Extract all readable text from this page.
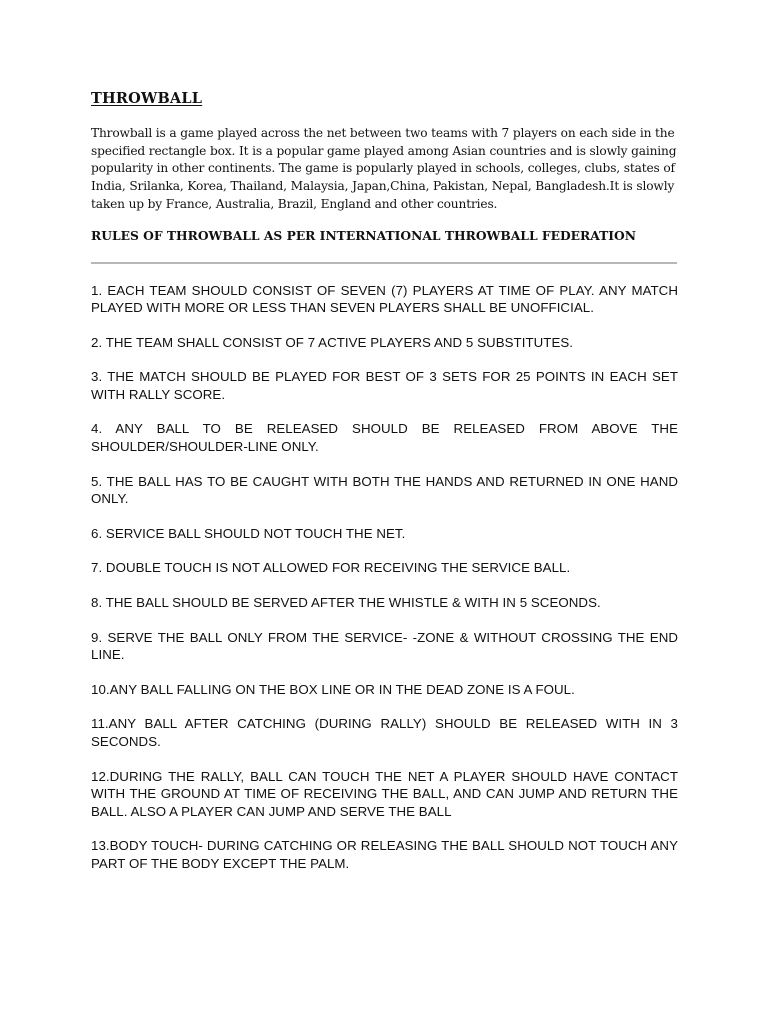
THROWBALL

Throwball is a game played across the net between two teams with 7 players on each side in the specified rectangle box. It is a popular game played among Asian countries and is slowly gaining popularity in other continents. The game is popularly played in schools, colleges, clubs, states of India, Srilanka, Korea, Thailand, Malaysia, Japan,China, Pakistan, Nepal, Bangladesh.It is slowly taken up by France, Australia, Brazil, England and other countries.

RULES OF THROWBALL AS PER INTERNATIONAL THROWBALL FEDERATION

1. EACH TEAM SHOULD CONSIST OF SEVEN (7) PLAYERS AT TIME OF PLAY. ANY MATCH PLAYED WITH MORE OR LESS THAN SEVEN PLAYERS SHALL BE UNOFFICIAL.
2. THE TEAM SHALL CONSIST OF 7 ACTIVE PLAYERS AND 5 SUBSTITUTES.
3. THE MATCH SHOULD BE PLAYED FOR BEST OF 3 SETS FOR 25 POINTS IN EACH SET WITH RALLY SCORE.
4. ANY BALL TO BE RELEASED SHOULD BE RELEASED FROM ABOVE THE SHOULDER/SHOULDER-LINE ONLY.
5. THE BALL HAS TO BE CAUGHT WITH BOTH THE HANDS AND RETURNED IN ONE HAND ONLY.
6. SERVICE BALL SHOULD NOT TOUCH THE NET.
7. DOUBLE TOUCH IS NOT ALLOWED FOR RECEIVING THE SERVICE BALL.
8. THE BALL SHOULD BE SERVED AFTER THE WHISTLE & WITH IN 5 SCEONDS.
9. SERVE THE BALL ONLY FROM THE SERVICE- -ZONE & WITHOUT CROSSING THE END LINE.
10.ANY BALL FALLING ON THE BOX LINE OR IN THE DEAD ZONE IS A FOUL.
11.ANY BALL AFTER CATCHING (DURING RALLY) SHOULD BE RELEASED WITH IN 3 SECONDS.
12.DURING THE RALLY, BALL CAN TOUCH THE NET A PLAYER SHOULD HAVE CONTACT WITH THE GROUND AT TIME OF RECEIVING THE BALL, AND CAN JUMP AND RETURN THE BALL. ALSO A PLAYER CAN JUMP AND SERVE THE BALL
13.BODY TOUCH- DURING CATCHING OR RELEASING THE BALL SHOULD NOT TOUCH ANY PART OF THE BODY EXCEPT THE PALM.
